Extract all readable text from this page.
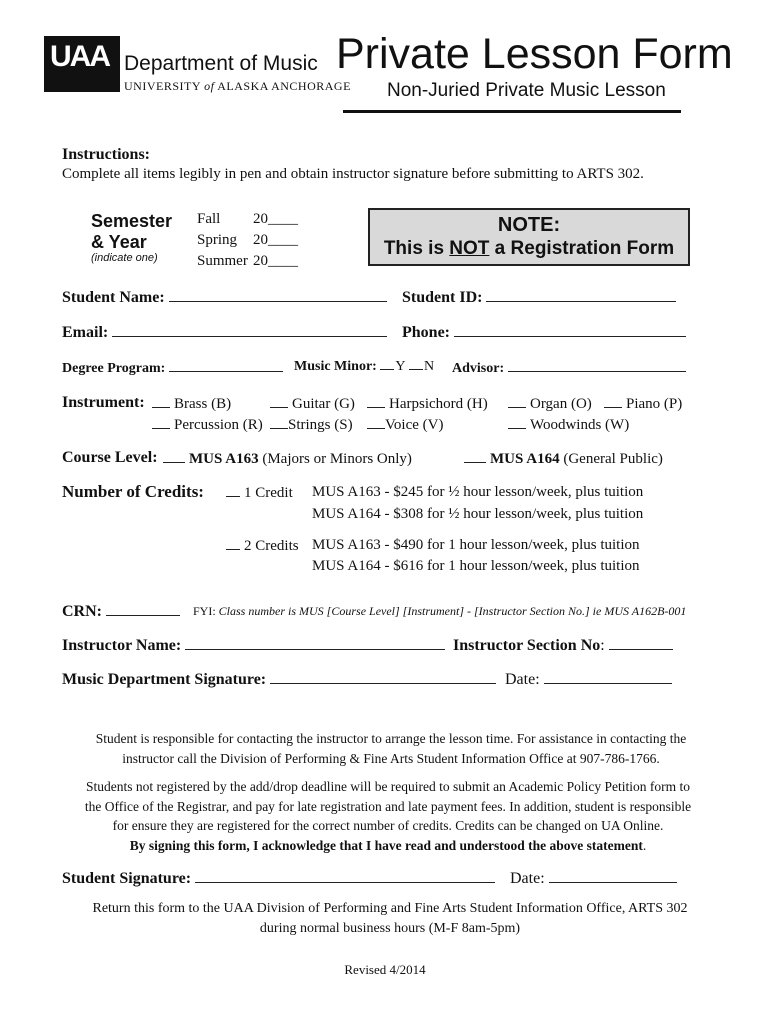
UAA Department of Music
UNIVERSITY of ALASKA ANCHORAGE
Private Lesson Form
Non-Juried Private Music Lesson
Instructions:
Complete all items legibly in pen and obtain instructor signature before submitting to ARTS 302.
Semester
& Year
(indicate one)
Fall 20____
Spring 20____
Summer 20____
NOTE:
This is NOT a Registration Form
Student Name:	Student ID:
Email:	Phone:
Degree Program:	Music Minor: Y N Advisor:
Instrument:	Brass (B)	Guitar (G)	Harpsichord (H)	Organ (O)	Piano (P)
Percussion (R)	Strings (S)	Voice (V)	Woodwinds (W)
Course Level:	MUS A163 (Majors or Minors Only)	MUS A164 (General Public)
Number of Credits:	1 Credit MUS A163 - $245 for ½ hour lesson/week, plus tuition
MUS A164 - $308 for ½ hour lesson/week, plus tuition
2 Credits MUS A163 - $490 for 1 hour lesson/week, plus tuition
MUS A164 - $616 for 1 hour lesson/week, plus tuition
CRN:	FYI: Class number is MUS [Course Level] [Instrument] - [Instructor Section No.] ie MUS A162B-001
Instructor Name:	Instructor Section No:
Music Department Signature:	Date:
Student is responsible for contacting the instructor to arrange the lesson time. For assistance in contacting the
instructor call the Division of Performing & Fine Arts Student Information Office at 907-786-1766.
Students not registered by the add/drop deadline will be required to submit an Academic Policy Petition form to
the Office of the Registrar, and pay for late registration and late payment fees. In addition, student is responsible
for ensure they are registered for the correct number of credits. Credits can be changed on UA Online.
By signing this form, I acknowledge that I have read and understood the above statement.
Student Signature:	Date:
Return this form to the UAA Division of Performing and Fine Arts Student Information Office, ARTS 302
during normal business hours (M-F 8am-5pm)
Revised 4/2014
